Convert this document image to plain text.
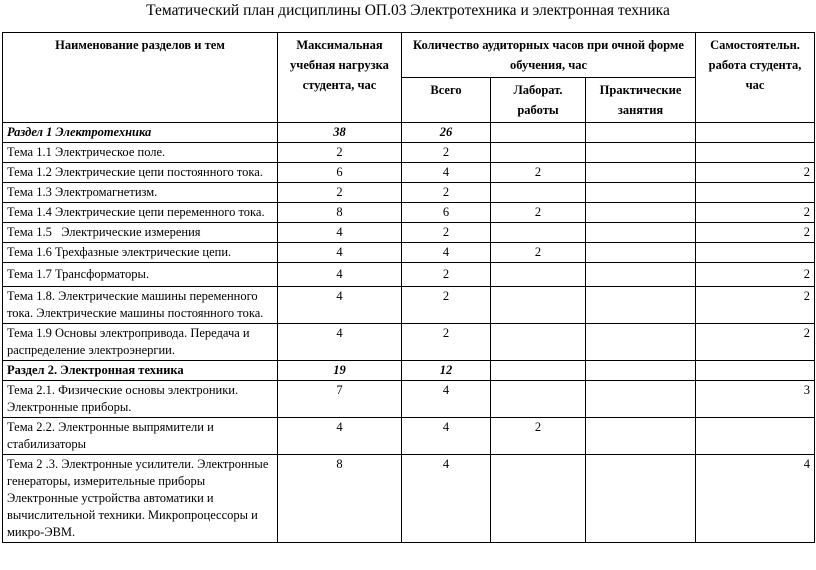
Тематический план дисциплины ОП.03 Электротехника и электронная техника
Наименование разделов и тем	Максимальная учебная нагрузка студента, час	Количество аудиторных часов при очной форме обучения, час			Самостоятельн. работа студента, час
		Всего	Лаборат. работы	Практические занятия	
Раздел 1 Электротехника	38	26			
Тема 1.1 Электрическое поле.	2	2			
Тема 1.2 Электрические цепи постоянного тока.	6	4	2		2
Тема 1.3 Электромагнетизм.	2	2			
Тема 1.4 Электрические цепи переменного тока.	8	6	2		2
Тема 1.5   Электрические измерения	4	2			2
Тема 1.6 Трехфазные электрические цепи.	4	4	2		
Тема 1.7 Трансформаторы.	4	2			2
Тема 1.8. Электрические машины переменного тока. Электрические машины постоянного тока.	4	2			2
Тема 1.9 Основы электропривода. Передача и распределение электроэнергии.	4	2			2
Раздел 2. Электронная техника	19	12			
Тема 2.1. Физические основы электроники. Электронные приборы.	7	4			3
Тема 2.2. Электронные выпрямители и стабилизаторы	4	4	2		
Тема 2 .3. Электронные усилители. Электронные генераторы, измерительные приборы Электронные устройства автоматики и вычислительной техники. Микропроцессоры и микро-ЭВМ.	8	4			4
